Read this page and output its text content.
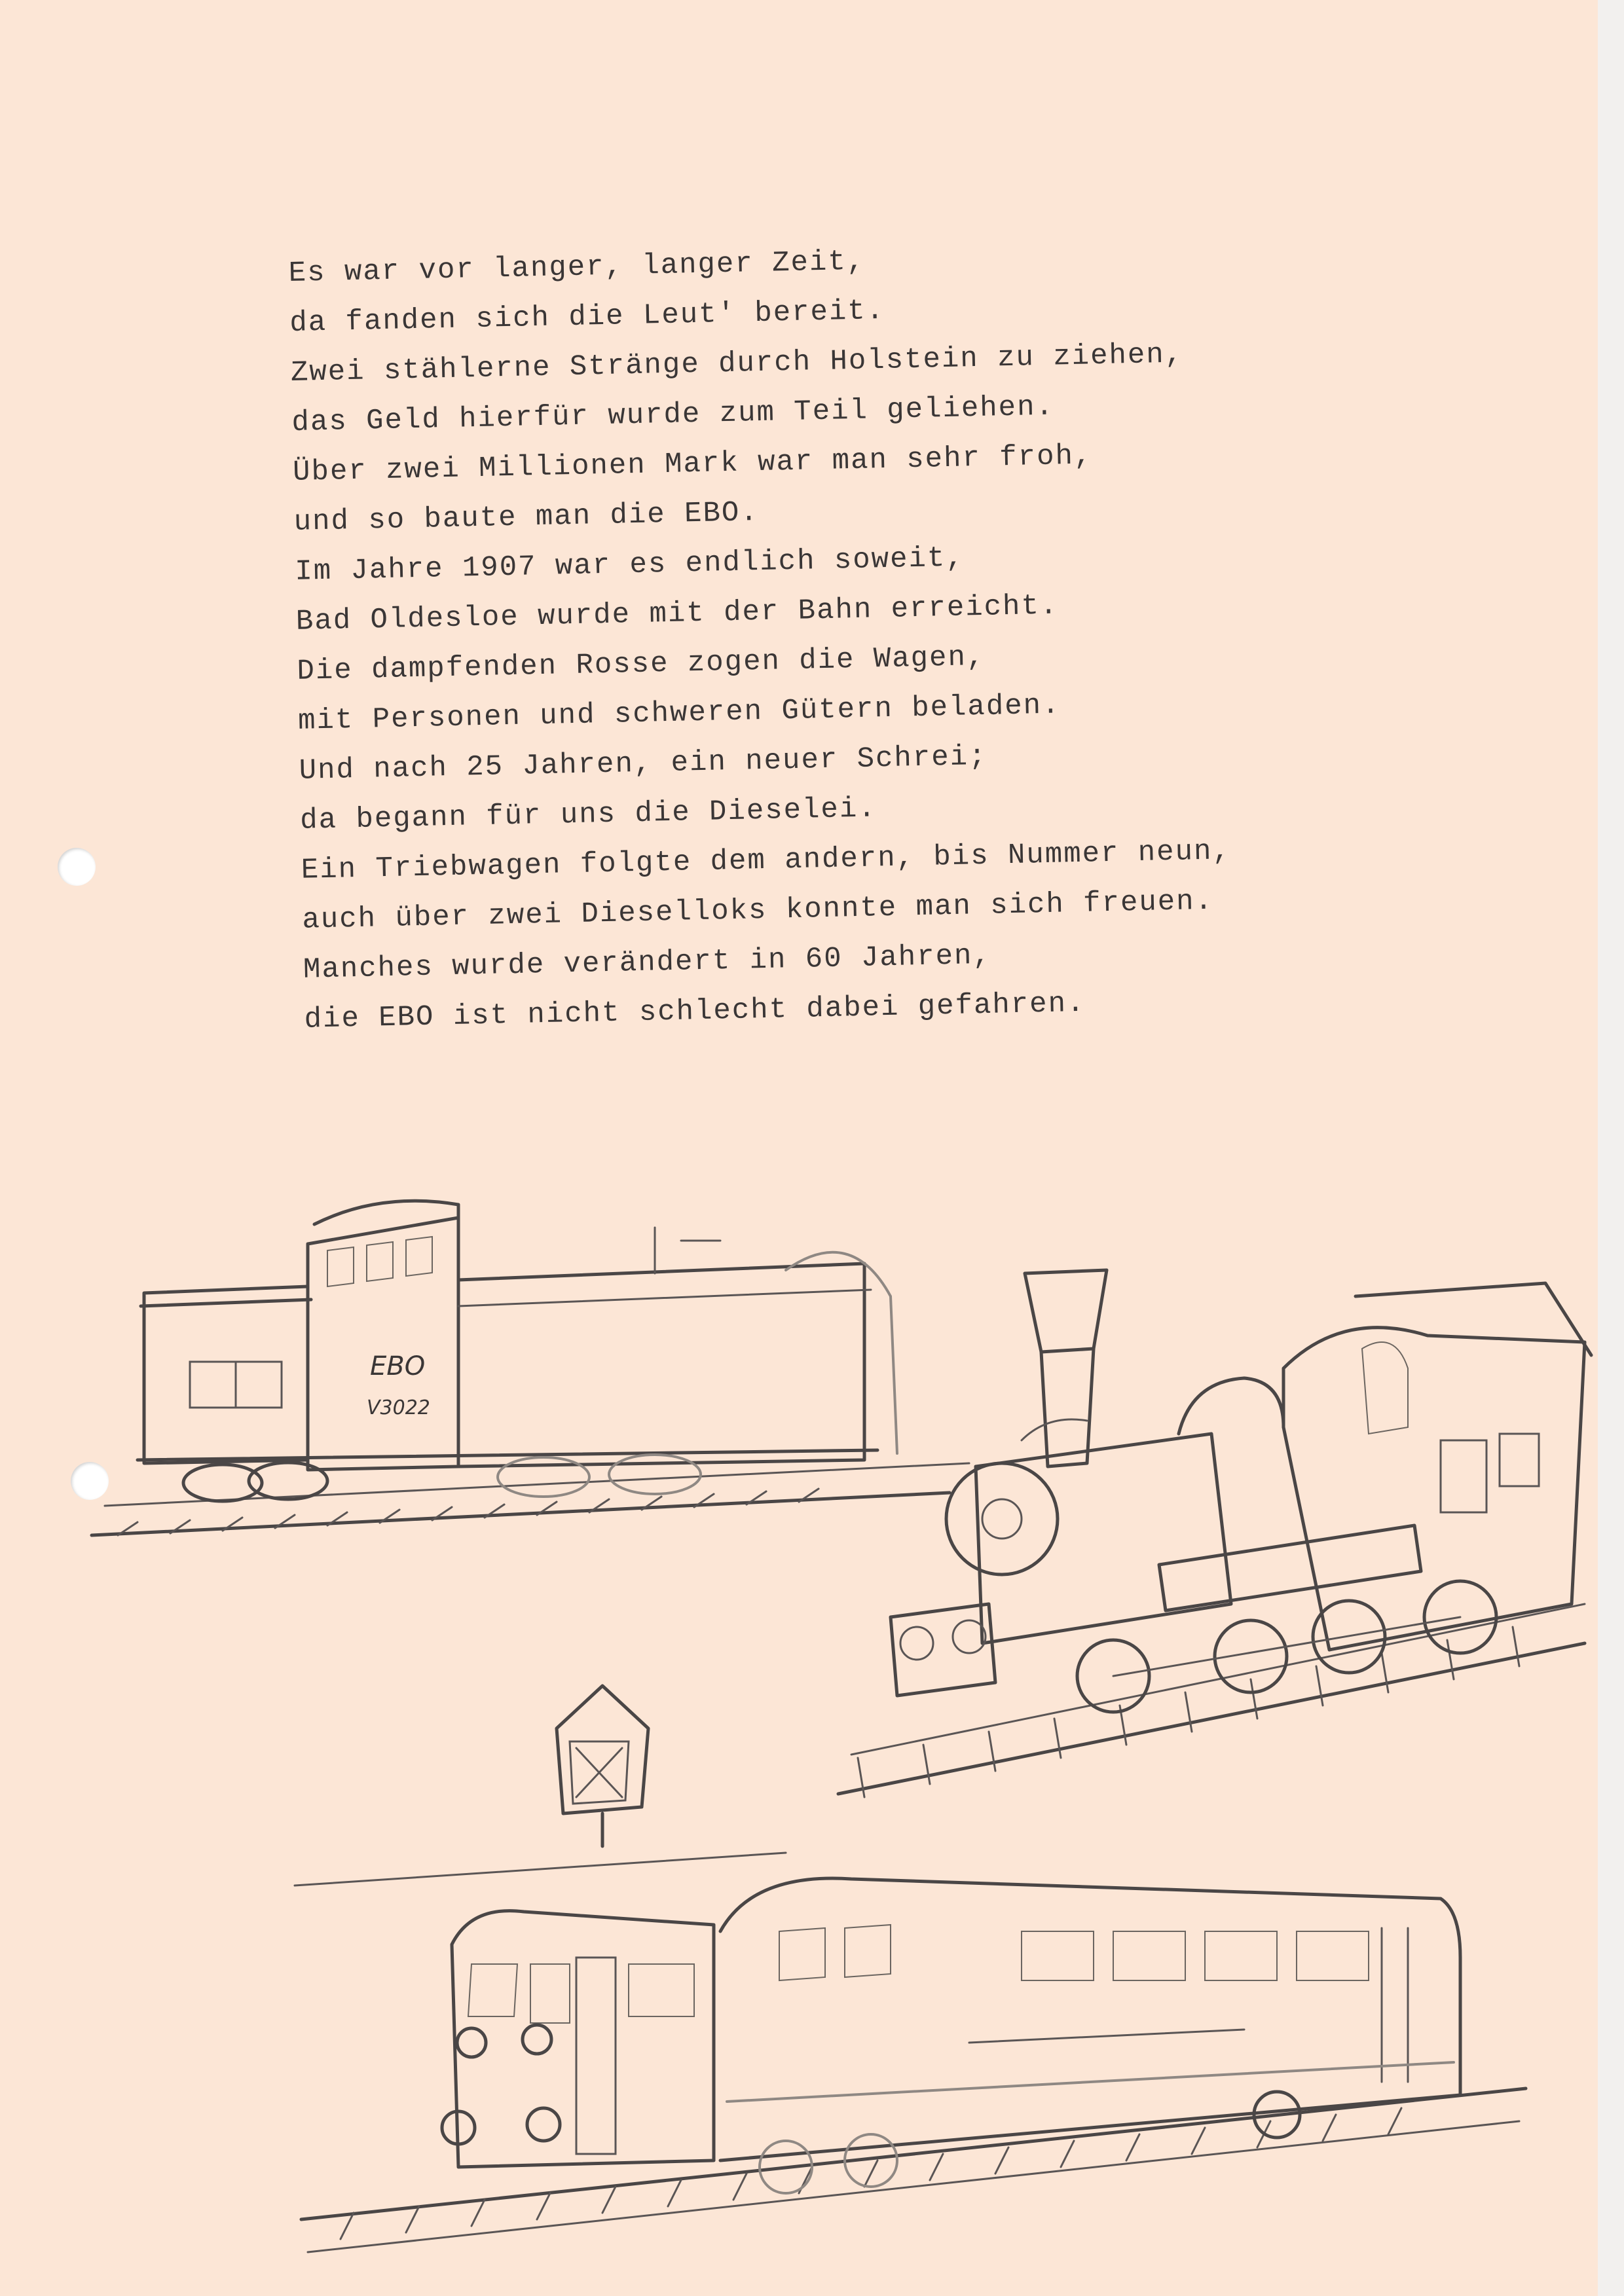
Es war vor langer, langer Zeit,
da fanden sich die Leut' bereit.
Zwei stählerne Stränge durch Holstein zu ziehen,
das Geld hierfür wurde zum Teil geliehen.
Über zwei Millionen Mark war man sehr froh,
und so baute man die EBO.
Im Jahre 1907 war es endlich soweit,
Bad Oldesloe wurde mit der Bahn erreicht.
Die dampfenden Rosse zogen die Wagen,
mit Personen und schweren Gütern beladen.
Und nach 25 Jahren, ein neuer Schrei;
da begann für uns die Dieselei.
Ein Triebwagen folgte dem andern, bis Nummer neun,
auch über zwei Dieselloks konnte man sich freuen.
Manches wurde verändert in 60 Jahren,
die EBO ist nicht schlecht dabei gefahren.
EBO
V3022
